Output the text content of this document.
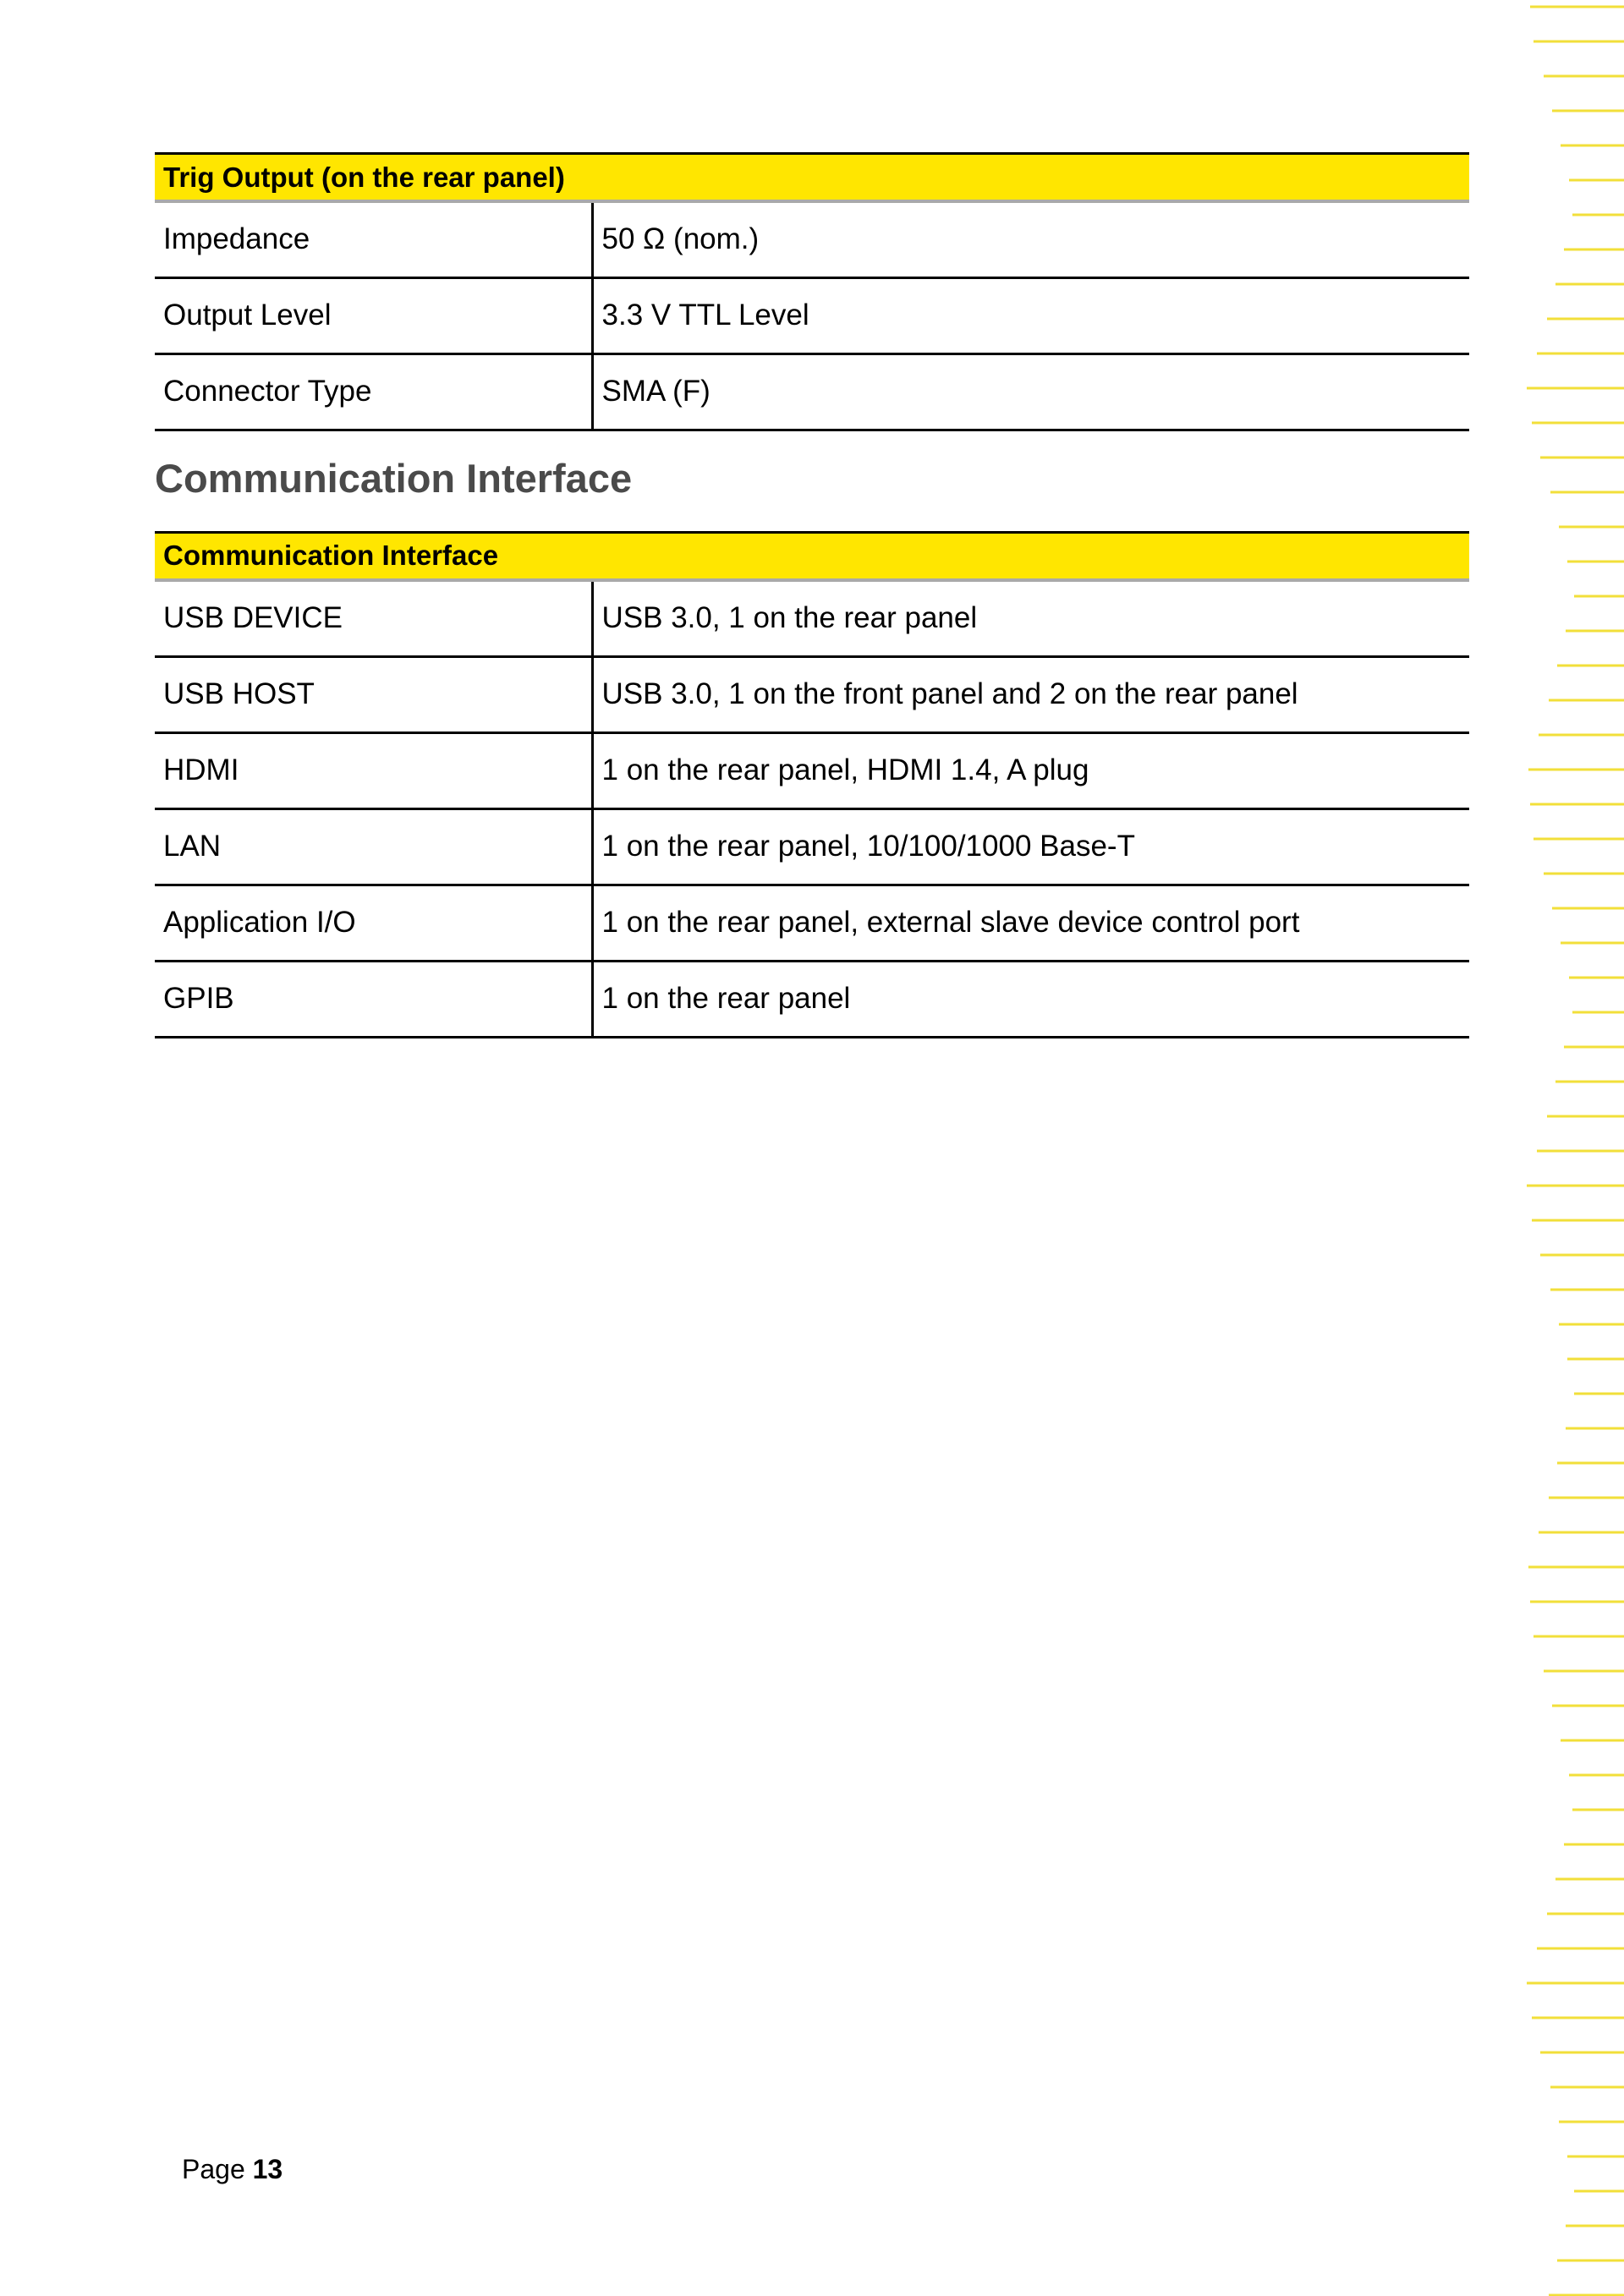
Trig Output (on the rear panel)	
Impedance	50 Ω (nom.)
Output Level	3.3 V TTL Level
Connector Type	SMA (F)
Communication Interface
Communication Interface	
USB DEVICE	USB 3.0, 1 on the rear panel
USB HOST	USB 3.0, 1 on the front panel and 2 on the rear panel
HDMI	1 on the rear panel, HDMI 1.4, A plug
LAN	1 on the rear panel, 10/100/1000 Base-T
Application I/O	1 on the rear panel, external slave device control port
GPIB	1 on the rear panel
Page 13
